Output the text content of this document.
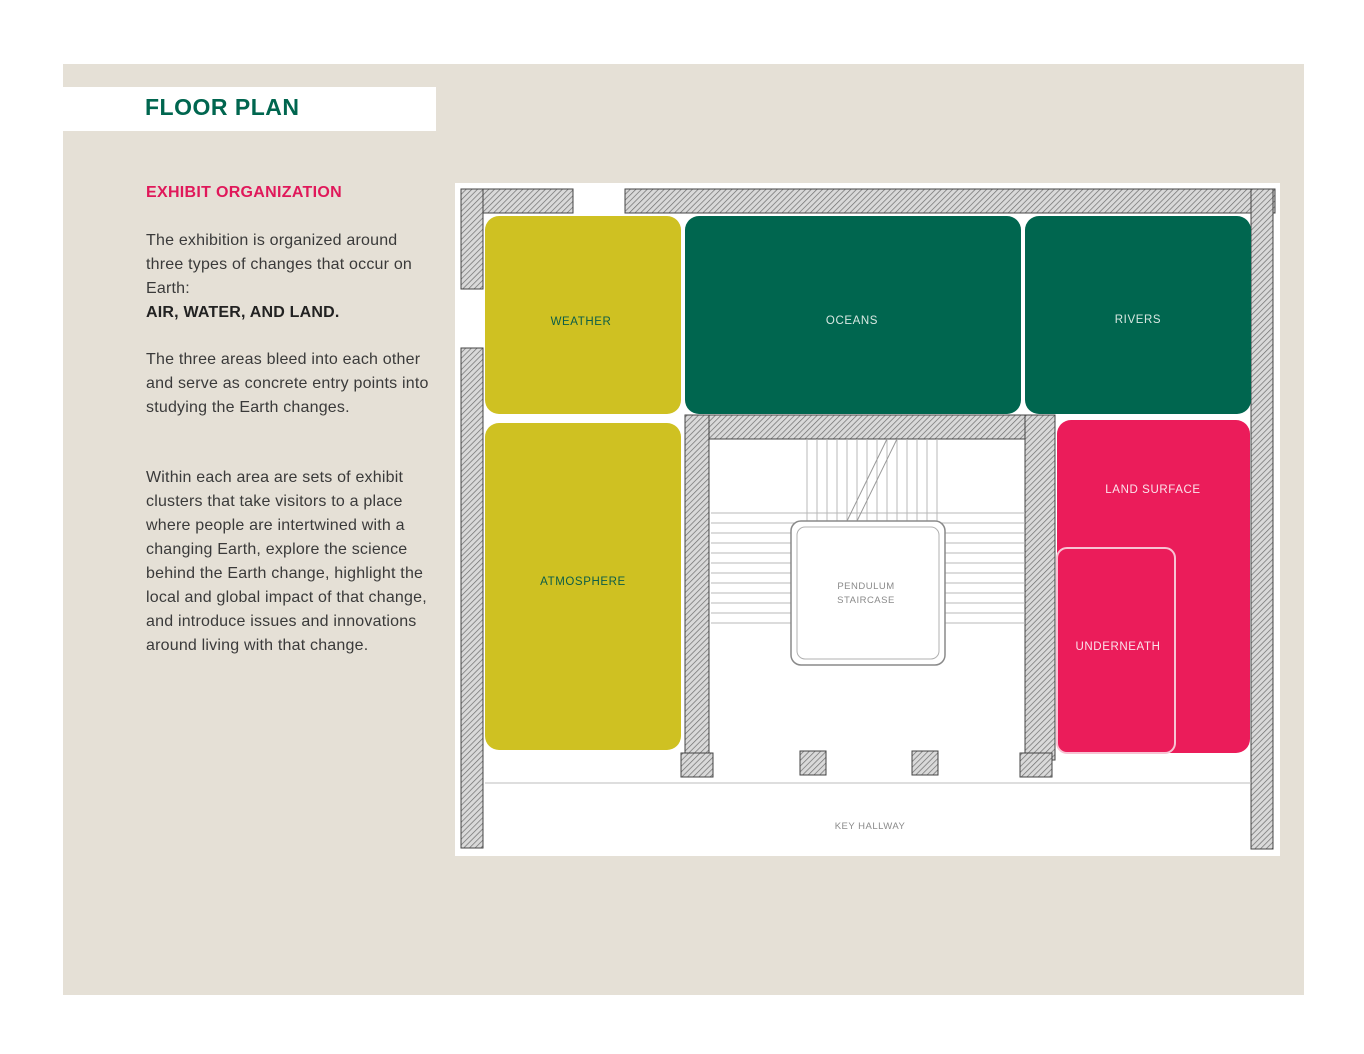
FLOOR PLAN
EXHIBIT ORGANIZATION

The exhibition is organized around three types of changes that occur on Earth:
AIR, WATER, AND LAND.

The three areas bleed into each other and serve as concrete entry points into studying the Earth changes.

Within each area are sets of exhibit clusters that take visitors to a place where people are intertwined with a changing Earth, explore the science behind the Earth change, highlight the local and global impact of that change, and introduce issues and innovations around living with that change.

PENDULUM
STAIRCASE
WEATHER
ATMOSPHERE
OCEANS	RIVERS
LAND SURFACE
UNDERNEATH
KEY HALLWAY
